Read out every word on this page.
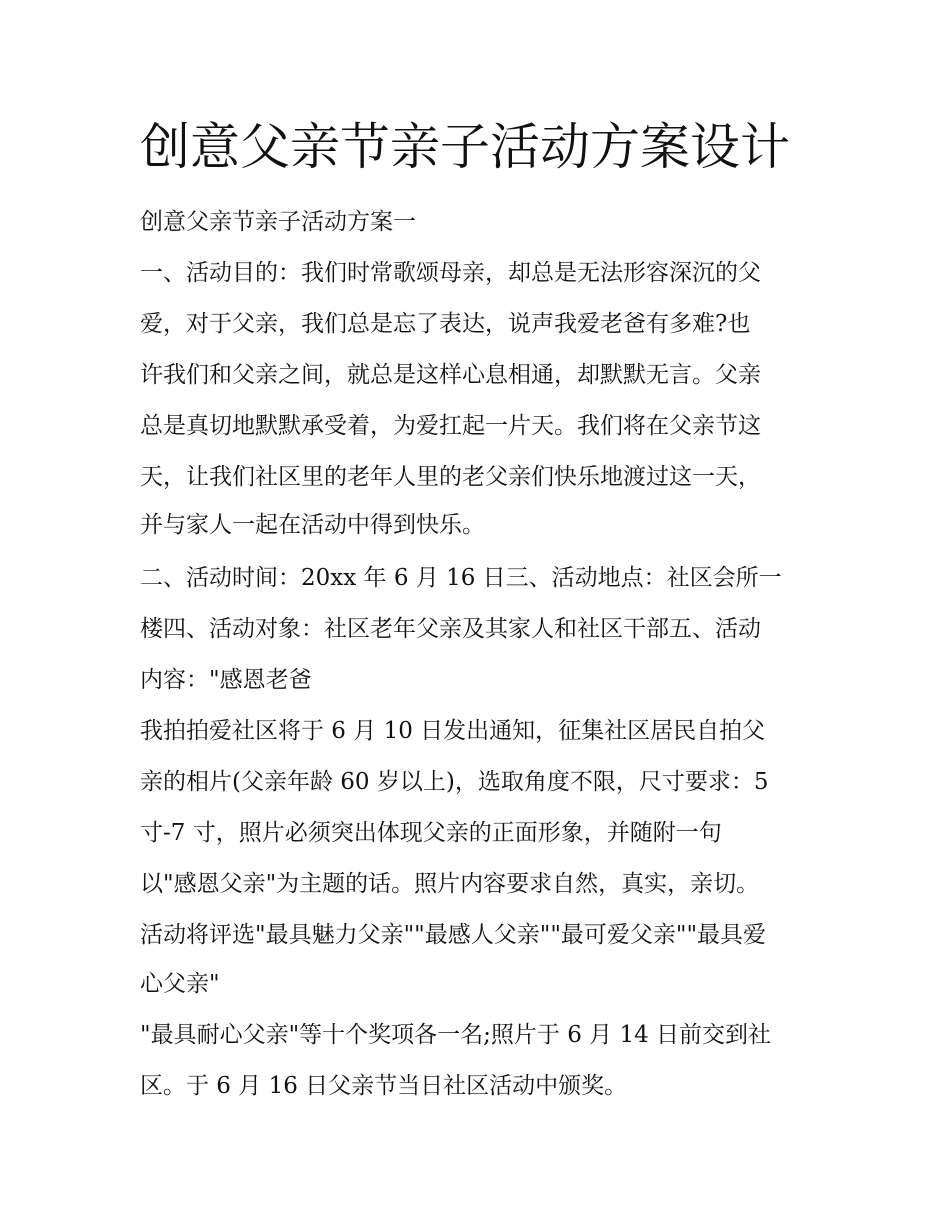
创意父亲节亲子活动方案设计

创意父亲节亲子活动方案一

一、活动目的：我们时常歌颂母亲，却总是无法形容深沉的父

爱，对于父亲，我们总是忘了表达，说声我爱老爸有多难?也

许我们和父亲之间，就总是这样心息相通，却默默无言。父亲

总是真切地默默承受着，为爱扛起一片天。我们将在父亲节这

天，让我们社区里的老年人里的老父亲们快乐地渡过这一天，

并与家人一起在活动中得到快乐。

二、活动时间：20xx 年 6 月 16 日三、活动地点：社区会所一

楼四、活动对象：社区老年父亲及其家人和社区干部五、活动

内容："感恩老爸

我拍拍爱社区将于 6 月 10 日发出通知，征集社区居民自拍父

亲的相片(父亲年龄 60 岁以上)，选取角度不限，尺寸要求：5

寸-7 寸，照片必须突出体现父亲的正面形象，并随附一句

以"感恩父亲"为主题的话。照片内容要求自然，真实，亲切。

活动将评选"最具魅力父亲""最感人父亲""最可爱父亲""最具爱

心父亲"

"最具耐心父亲"等十个奖项各一名;照片于 6 月 14 日前交到社

区。于 6 月 16 日父亲节当日社区活动中颁奖。
